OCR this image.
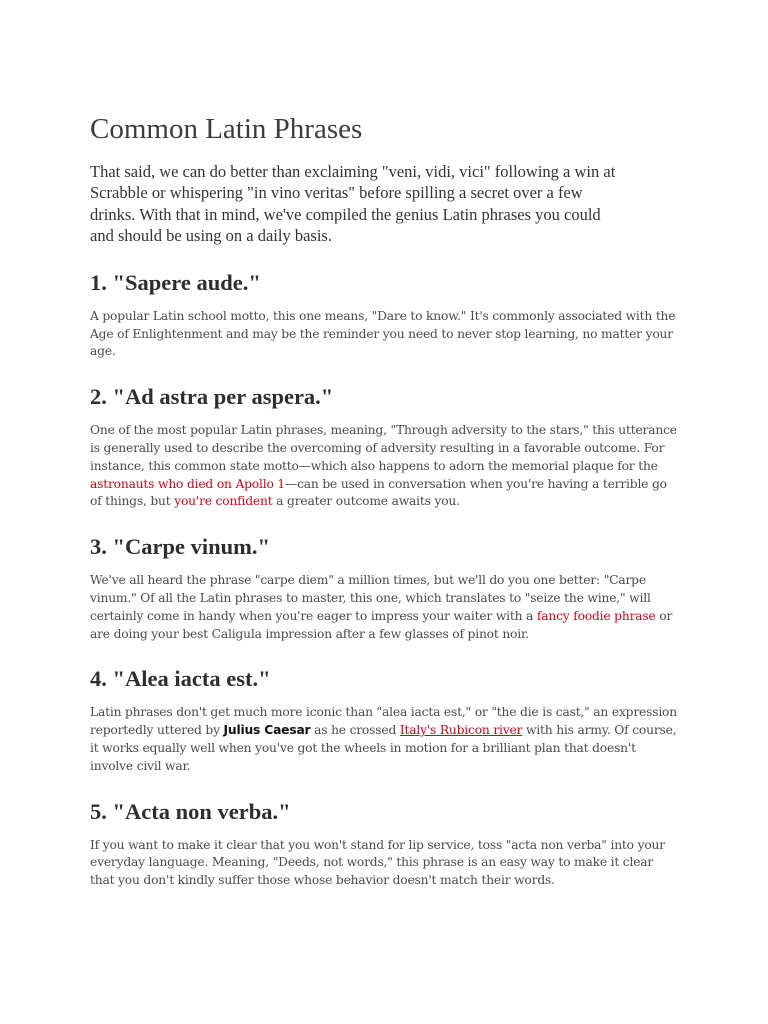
Common Latin Phrases

That said, we can do better than exclaiming "veni, vidi, vici" following a win at
Scrabble or whispering "in vino veritas" before spilling a secret over a few
drinks. With that in mind, we've compiled the genius Latin phrases you could
and should be using on a daily basis.

1. "Sapere aude."

A popular Latin school motto, this one means, "Dare to know." It's commonly associated with the Age of Enlightenment and may be the reminder you need to never stop learning, no matter your age.

2. "Ad astra per aspera."

One of the most popular Latin phrases, meaning, "Through adversity to the stars," this utterance is generally used to describe the overcoming of adversity resulting in a favorable outcome. For instance, this common state motto—which also happens to adorn the memorial plaque for the astronauts who died on Apollo 1—can be used in conversation when you're having a terrible go of things, but you're confident a greater outcome awaits you.

3. "Carpe vinum."

We've all heard the phrase "carpe diem" a million times, but we'll do you one better: "Carpe vinum." Of all the Latin phrases to master, this one, which translates to "seize the wine," will certainly come in handy when you're eager to impress your waiter with a fancy foodie phrase or are doing your best Caligula impression after a few glasses of pinot noir.

4. "Alea iacta est."

Latin phrases don't get much more iconic than "alea iacta est," or "the die is cast," an expression reportedly uttered by Julius Caesar as he crossed Italy's Rubicon river with his army. Of course, it works equally well when you've got the wheels in motion for a brilliant plan that doesn't involve civil war.

5. "Acta non verba."

If you want to make it clear that you won't stand for lip service, toss "acta non verba" into your everyday language. Meaning, "Deeds, not words," this phrase is an easy way to make it clear that you don't kindly suffer those whose behavior doesn't match their words.
